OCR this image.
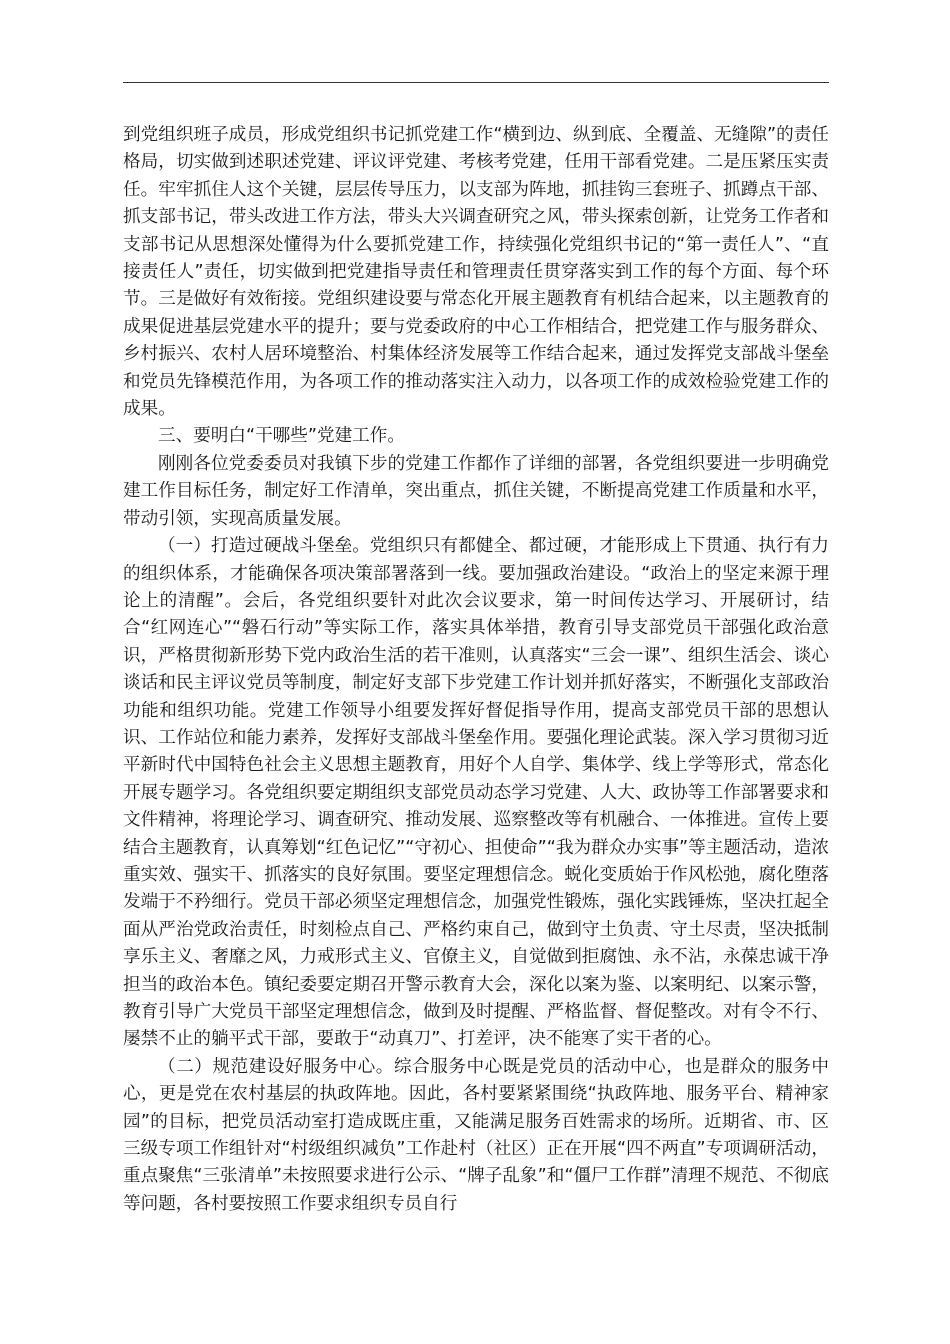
到党组织班子成员，形成党组织书记抓党建工作“横到边、纵到底、全覆盖、无缝隙”的责任格局，切实做到述职述党建、评议评党建、考核考党建，任用干部看党建。二是压紧压实责任。牢牢抓住人这个关键，层层传导压力，以支部为阵地，抓挂钩三套班子、抓蹲点干部、抓支部书记，带头改进工作方法，带头大兴调查研究之风，带头探索创新，让党务工作者和支部书记从思想深处懂得为什么要抓党建工作，持续强化党组织书记的“第一责任人”、“直接责任人”责任，切实做到把党建指导责任和管理责任贯穿落实到工作的每个方面、每个环节。三是做好有效衔接。党组织建设要与常态化开展主题教育有机结合起来，以主题教育的成果促进基层党建水平的提升；要与党委政府的中心工作相结合，把党建工作与服务群众、乡村振兴、农村人居环境整治、村集体经济发展等工作结合起来，通过发挥党支部战斗堡垒和党员先锋模范作用，为各项工作的推动落实注入动力，以各项工作的成效检验党建工作的成果。

三、要明白“干哪些”党建工作。

刚刚各位党委委员对我镇下步的党建工作都作了详细的部署，各党组织要进一步明确党建工作目标任务，制定好工作清单，突出重点，抓住关键，不断提高党建工作质量和水平，带动引领，实现高质量发展。

（一）打造过硬战斗堡垒。党组织只有都健全、都过硬，才能形成上下贯通、执行有力的组织体系，才能确保各项决策部署落到一线。要加强政治建设。“政治上的坚定来源于理论上的清醒”。会后，各党组织要针对此次会议要求，第一时间传达学习、开展研讨，结合“红网连心”“磐石行动”等实际工作，落实具体举措，教育引导支部党员干部强化政治意识，严格贯彻新形势下党内政治生活的若干准则，认真落实“三会一课”、组织生活会、谈心谈话和民主评议党员等制度，制定好支部下步党建工作计划并抓好落实，不断强化支部政治功能和组织功能。党建工作领导小组要发挥好督促指导作用，提高支部党员干部的思想认识、工作站位和能力素养，发挥好支部战斗堡垒作用。要强化理论武装。深入学习贯彻习近平新时代中国特色社会主义思想主题教育，用好个人自学、集体学、线上学等形式，常态化开展专题学习。各党组织要定期组织支部党员动态学习党建、人大、政协等工作部署要求和文件精神，将理论学习、调查研究、推动发展、巡察整改等有机融合、一体推进。宣传上要结合主题教育，认真筹划“红色记忆”“守初心、担使命”“我为群众办实事”等主题活动，造浓重实效、强实干、抓落实的良好氛围。要坚定理想信念。蜕化变质始于作风松弛，腐化堕落发端于不矜细行。党员干部必须坚定理想信念，加强党性锻炼，强化实践锤炼，坚决扛起全面从严治党政治责任，时刻检点自己、严格约束自己，做到守土负责、守土尽责，坚决抵制享乐主义、奢靡之风，力戒形式主义、官僚主义，自觉做到拒腐蚀、永不沾，永葆忠诚干净担当的政治本色。镇纪委要定期召开警示教育大会，深化以案为鉴、以案明纪、以案示警，教育引导广大党员干部坚定理想信念，做到及时提醒、严格监督、督促整改。对有令不行、屡禁不止的躺平式干部，要敢于“动真刀”、打差评，决不能寒了实干者的心。

（二）规范建设好服务中心。综合服务中心既是党员的活动中心，也是群众的服务中心，更是党在农村基层的执政阵地。因此，各村要紧紧围绕“执政阵地、服务平台、精神家园”的目标，把党员活动室打造成既庄重，又能满足服务百姓需求的场所。近期省、市、区三级专项工作组针对“村级组织减负”工作赴村（社区）正在开展“四不两直”专项调研活动，重点聚焦“三张清单”未按照要求进行公示、“牌子乱象”和“僵尸工作群”清理不规范、不彻底等问题，各村要按照工作要求组织专员自行
